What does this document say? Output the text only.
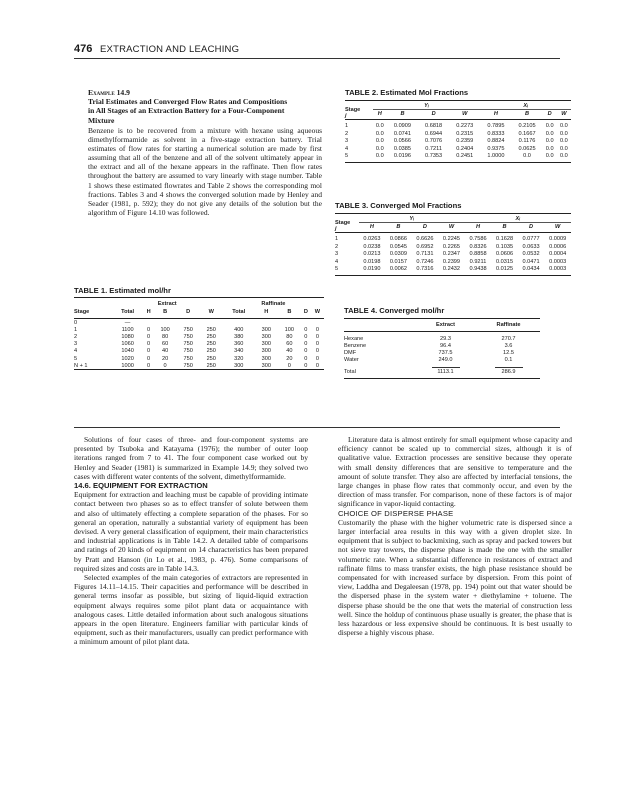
476 EXTRACTION AND LEACHING
Example 14.9
Trial Estimates and Converged Flow Rates and Compositions
in All Stages of an Extraction Battery for a Four-Component
Mixture
Benzene is to be recovered from a mixture with hexane using aqueous dimethylformamide as solvent in a five-stage extraction battery. Trial estimates of flow rates for starting a numerical solution are made by first assuming that all of the benzene and all of the solvent ultimately appear in the extract and all of the hexane appears in the raffinate. Then flow rates throughout the battery are assumed to vary linearly with stage number. Table 1 shows these estimated flowrates and Table 2 shows the corresponding mol fractions. Tables 3 and 4 shows the converged solution made by Henley and Seader (1981, p. 592); they do not give any details of the solution but the algorithm of Figure 14.10 was followed.
TABLE 1. Estimated mol/hr
	Extract					Raffinate				
Stage	Total	H	B	D	W	Total	H	B	D	W
0	—									
1	1100	0	100	750	250	400	300	100	0	0
2	1080	0	80	750	250	380	300	80	0	0
3	1060	0	60	750	250	360	300	60	0	0
4	1040	0	40	750	250	340	300	40	0	0
5	1020	0	20	750	250	320	300	20	0	0
N + 1	1000	0	0	750	250	300	300	0	0	0
TABLE 2. Estimated Mol Fractions
Stage
j	Yᵢ				Xᵢ			
	H	B	D	W	H	B	D	W
1	0.0	0.0909	0.6818	0.2273	0.7895	0.2105	0.0	0.0
2	0.0	0.0741	0.6944	0.2315	0.8333	0.1667	0.0	0.0
3	0.0	0.0566	0.7076	0.2359	0.8824	0.1176	0.0	0.0
4	0.0	0.0385	0.7211	0.2404	0.9375	0.0625	0.0	0.0
5	0.0	0.0196	0.7353	0.2451	1.0000	0.0	0.0	0.0
TABLE 3. Converged Mol Fractions
Stage
j	Yᵢ				Xᵢ			
	H	B	D	W	H	B	D	W
1	0.0263	0.0866	0.6626	0.2245	0.7586	0.1628	0.0777	0.0009
2	0.0238	0.0545	0.6952	0.2265	0.8326	0.1035	0.0633	0.0006
3	0.0213	0.0309	0.7131	0.2347	0.8858	0.0606	0.0532	0.0004
4	0.0198	0.0157	0.7246	0.2399	0.9211	0.0315	0.0471	0.0003
5	0.0190	0.0062	0.7316	0.2432	0.9438	0.0125	0.0434	0.0003
TABLE 4. Converged mol/hr
	Extract	Raffinate
Hexane	29.3	270.7
Benzene	96.4	3.6
DMF	737.5	12.5
Water	249.0	0.1

Total	1113.1	286.9

Solutions of four cases of three- and four-component systems are presented by Tsuboka and Katayama (1976); the number of outer loop iterations ranged from 7 to 41. The four component case worked out by Henley and Seader (1981) is summarized in Example 14.9; they solved two cases with different water contents of the solvent, dimethylformamide.

14.6. EQUIPMENT FOR EXTRACTION

Equipment for extraction and leaching must be capable of providing intimate contact between two phases so as to effect transfer of solute between them and also of ultimately effecting a complete separation of the phases. For so general an operation, naturally a substantial variety of equipment has been devised. A very general classification of equipment, their main characteristics and industrial applications is in Table 14.2. A detailed table of comparisons and ratings of 20 kinds of equipment on 14 characteristics has been prepared by Pratt and Hanson (in Lo et al., 1983, p. 476). Some comparisons of required sizes and costs are in Table 14.3.

Selected examples of the main categories of extractors are represented in Figures 14.11–14.15. Their capacities and performance will be described in general terms insofar as possible, but sizing of liquid-liquid extraction equipment always requires some pilot plant data or acquaintance with analogous cases. Little detailed information about such analogous situations appears in the open literature. Engineers familiar with particular kinds of equipment, such as their manufacturers, usually can predict performance with a minimum amount of pilot plant data.

Literature data is almost entirely for small equipment whose capacity and efficiency cannot be scaled up to commercial sizes, although it is of qualitative value. Extraction processes are sensitive because they operate with small density differences that are sensitive to temperature and the amount of solute transfer. They also are affected by interfacial tensions, the large changes in phase flow rates that commonly occur, and even by the direction of mass transfer. For comparison, none of these factors is of major significance in vapor-liquid contacting.

CHOICE OF DISPERSE PHASE

Customarily the phase with the higher volumetric rate is dispersed since a larger interfacial area results in this way with a given droplet size. In equipment that is subject to backmixing, such as spray and packed towers but not sieve tray towers, the disperse phase is made the one with the smaller volumetric rate. When a substantial difference in resistances of extract and raffinate films to mass transfer exists, the high phase resistance should be compensated for with increased surface by dispersion. From this point of view, Laddha and Degaleesan (1978, pp. 194) point out that water should be the dispersed phase in the system water + diethylamine + toluene. The disperse phase should be the one that wets the material of construction less well. Since the holdup of continuous phase usually is greater, the phase that is less hazardous or less expensive should be continuous. It is best usually to disperse a highly viscous phase.
